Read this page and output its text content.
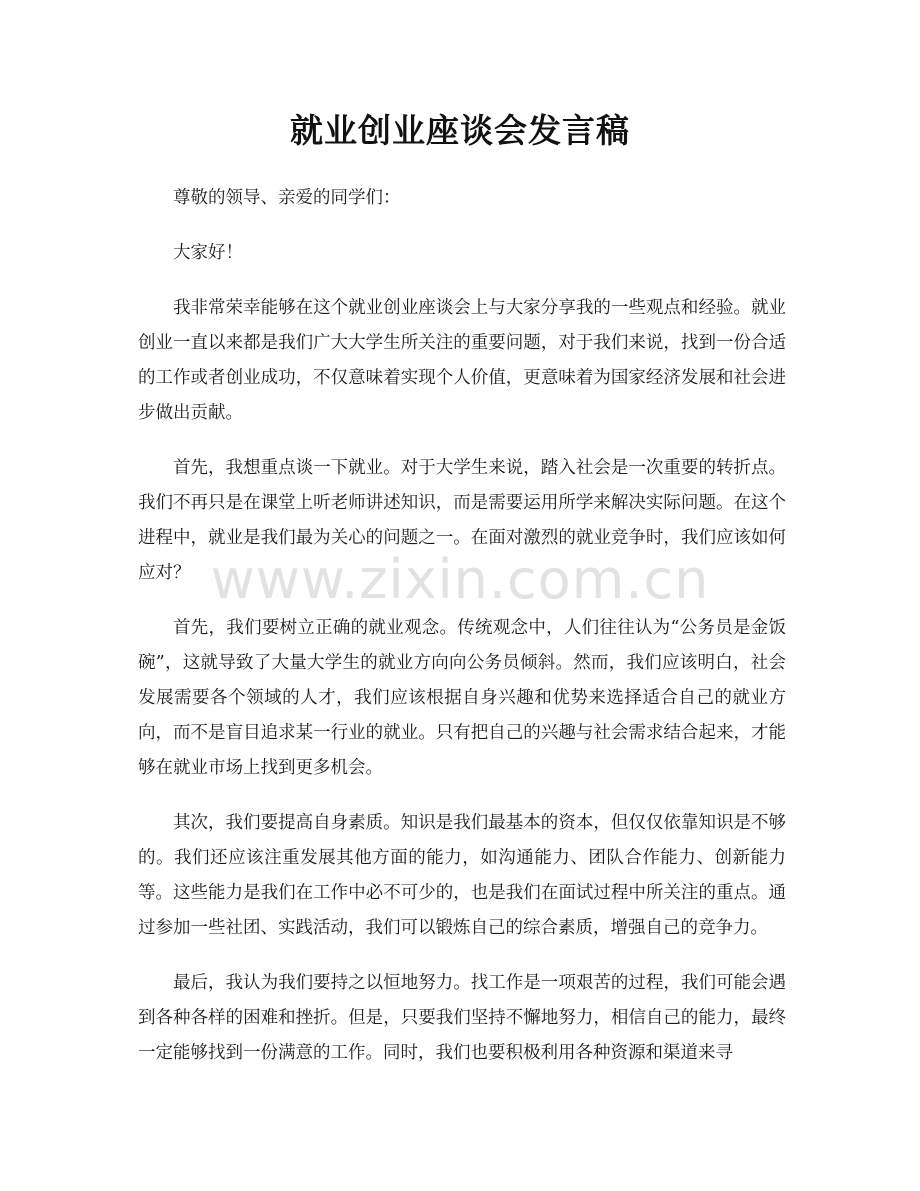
就业创业座谈会发言稿

尊敬的领导、亲爱的同学们：

大家好！

我非常荣幸能够在这个就业创业座谈会上与大家分享我的一些观点和经验。就业创业一直以来都是我们广大大学生所关注的重要问题，对于我们来说，找到一份合适的工作或者创业成功，不仅意味着实现个人价值，更意味着为国家经济发展和社会进步做出贡献。

首先，我想重点谈一下就业。对于大学生来说，踏入社会是一次重要的转折点。我们不再只是在课堂上听老师讲述知识，而是需要运用所学来解决实际问题。在这个进程中，就业是我们最为关心的问题之一。在面对激烈的就业竞争时，我们应该如何应对？

首先，我们要树立正确的就业观念。传统观念中，人们往往认为“公务员是金饭碗”，这就导致了大量大学生的就业方向向公务员倾斜。然而，我们应该明白，社会发展需要各个领域的人才，我们应该根据自身兴趣和优势来选择适合自己的就业方向，而不是盲目追求某一行业的就业。只有把自己的兴趣与社会需求结合起来，才能够在就业市场上找到更多机会。

其次，我们要提高自身素质。知识是我们最基本的资本，但仅仅依靠知识是不够的。我们还应该注重发展其他方面的能力，如沟通能力、团队合作能力、创新能力等。这些能力是我们在工作中必不可少的，也是我们在面试过程中所关注的重点。通过参加一些社团、实践活动，我们可以锻炼自己的综合素质，增强自己的竞争力。

最后，我认为我们要持之以恒地努力。找工作是一项艰苦的过程，我们可能会遇到各种各样的困难和挫折。但是，只要我们坚持不懈地努力，相信自己的能力，最终一定能够找到一份满意的工作。同时，我们也要积极利用各种资源和渠道来寻

www.zixin.com.cn
